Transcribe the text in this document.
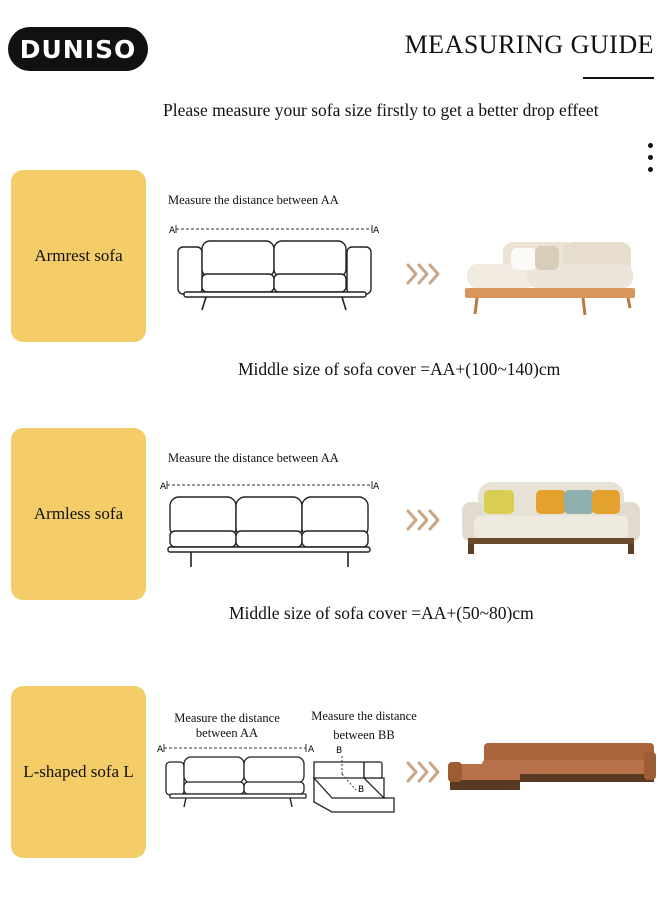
DUNISO	MEASURING GUIDE
Please measure your sofa size firstly to get a better drop effeet
Armrest sofa
Measure the distance between AA
A	A
Middle size of sofa cover =AA+(100~140)cm
Armless sofa
Measure the distance between AA
A	A
Middle size of sofa cover =AA+(50~80)cm
L-shaped sofa L
Measure the distance
between AA
Measure the distance
between BB
A	A B
B
